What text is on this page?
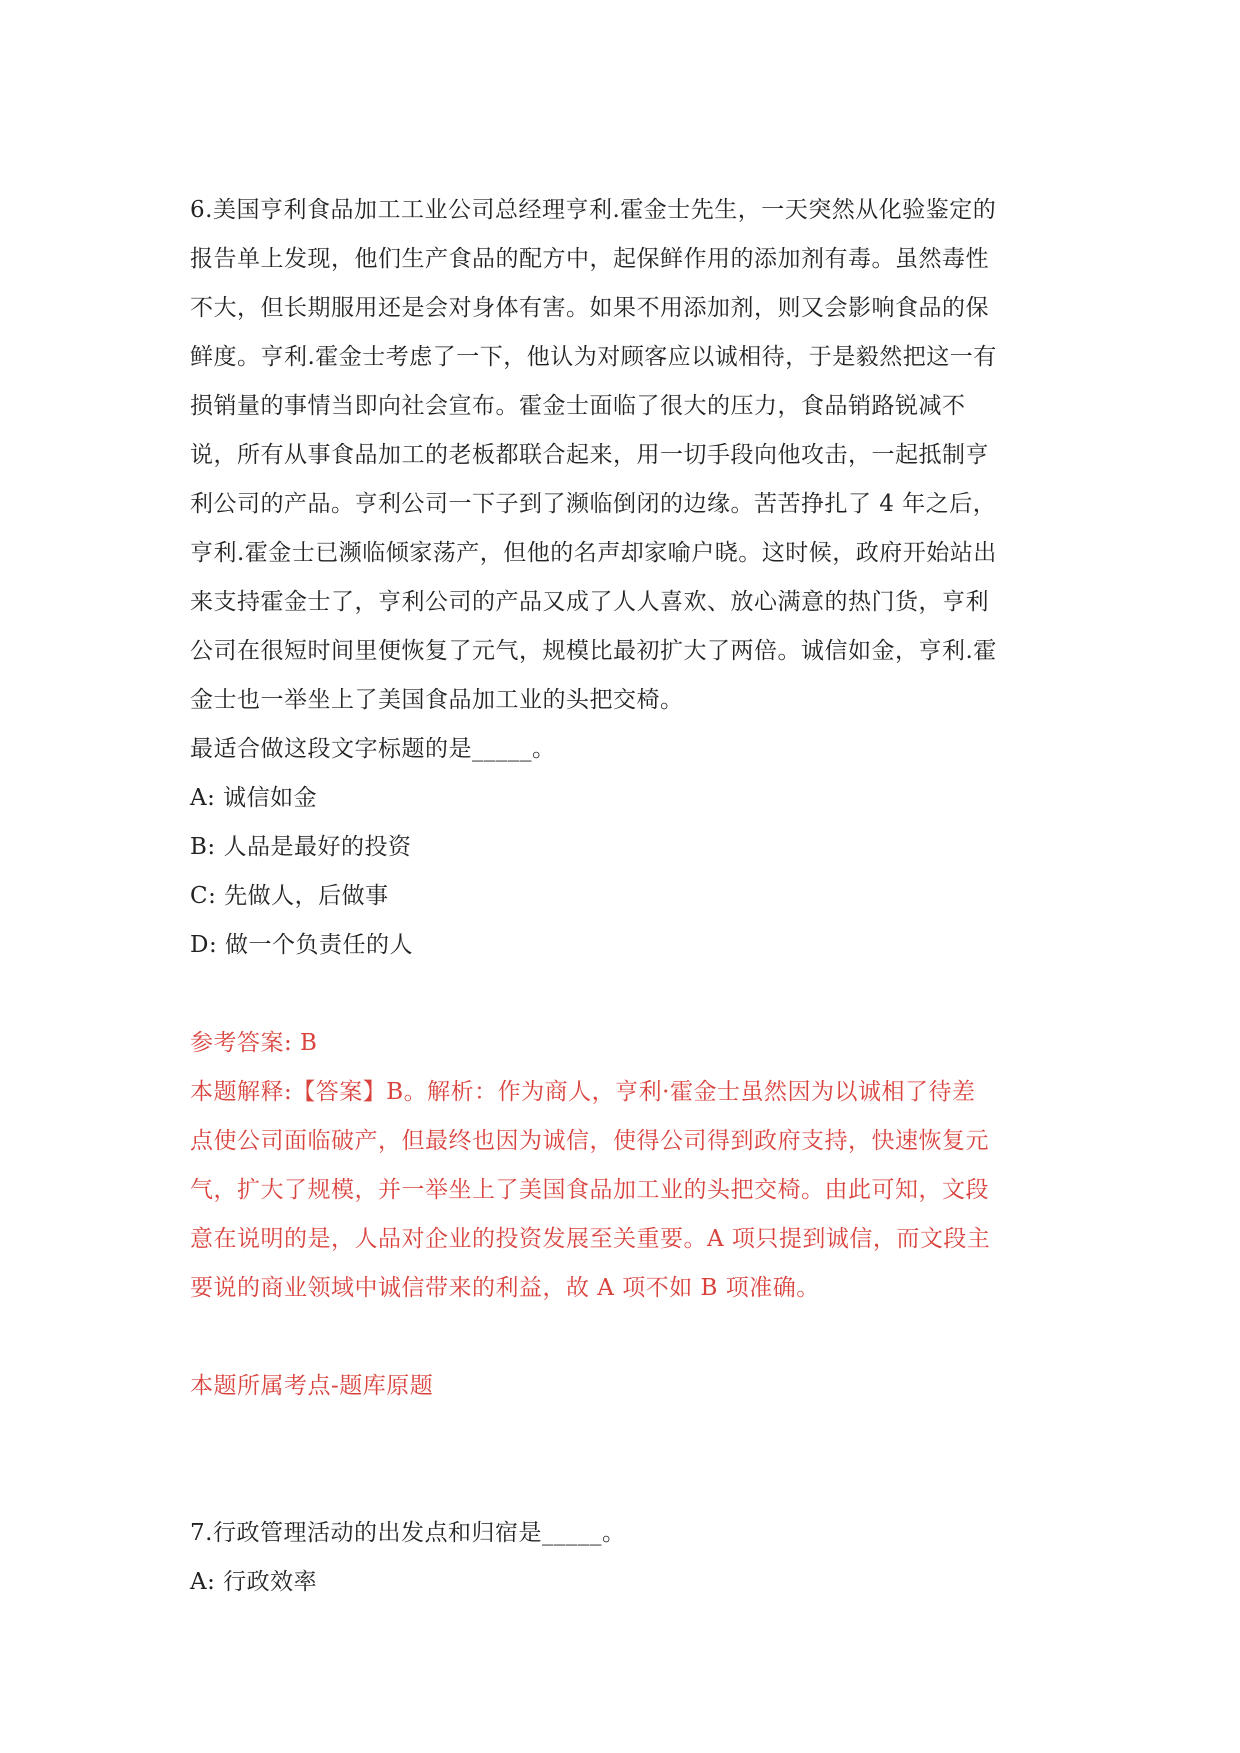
6.美国亨利食品加工工业公司总经理亨利.霍金士先生，一天突然从化验鉴定的
报告单上发现，他们生产食品的配方中，起保鲜作用的添加剂有毒。虽然毒性
不大，但长期服用还是会对身体有害。如果不用添加剂，则又会影响食品的保
鲜度。亨利.霍金士考虑了一下，他认为对顾客应以诚相待，于是毅然把这一有
损销量的事情当即向社会宣布。霍金士面临了很大的压力，食品销路锐减不
说，所有从事食品加工的老板都联合起来，用一切手段向他攻击，一起抵制亨
利公司的产品。亨利公司一下子到了濒临倒闭的边缘。苦苦挣扎了 4 年之后，
亨利.霍金士已濒临倾家荡产，但他的名声却家喻户晓。这时候，政府开始站出
来支持霍金士了，亨利公司的产品又成了人人喜欢、放心满意的热门货，亨利
公司在很短时间里便恢复了元气，规模比最初扩大了两倍。诚信如金，亨利.霍
金士也一举坐上了美国食品加工业的头把交椅。
最适合做这段文字标题的是_____。
A: 诚信如金
B: 人品是最好的投资
C: 先做人，后做事
D: 做一个负责任的人
参考答案: B
本题解释:【答案】B。解析：作为商人，亨利·霍金士虽然因为以诚相了待差
点使公司面临破产，但最终也因为诚信，使得公司得到政府支持，快速恢复元
气，扩大了规模，并一举坐上了美国食品加工业的头把交椅。由此可知，文段
意在说明的是，人品对企业的投资发展至关重要。A 项只提到诚信，而文段主
要说的商业领域中诚信带来的利益，故 A 项不如 B 项准确。
本题所属考点-题库原题
7.行政管理活动的出发点和归宿是_____。
A: 行政效率
